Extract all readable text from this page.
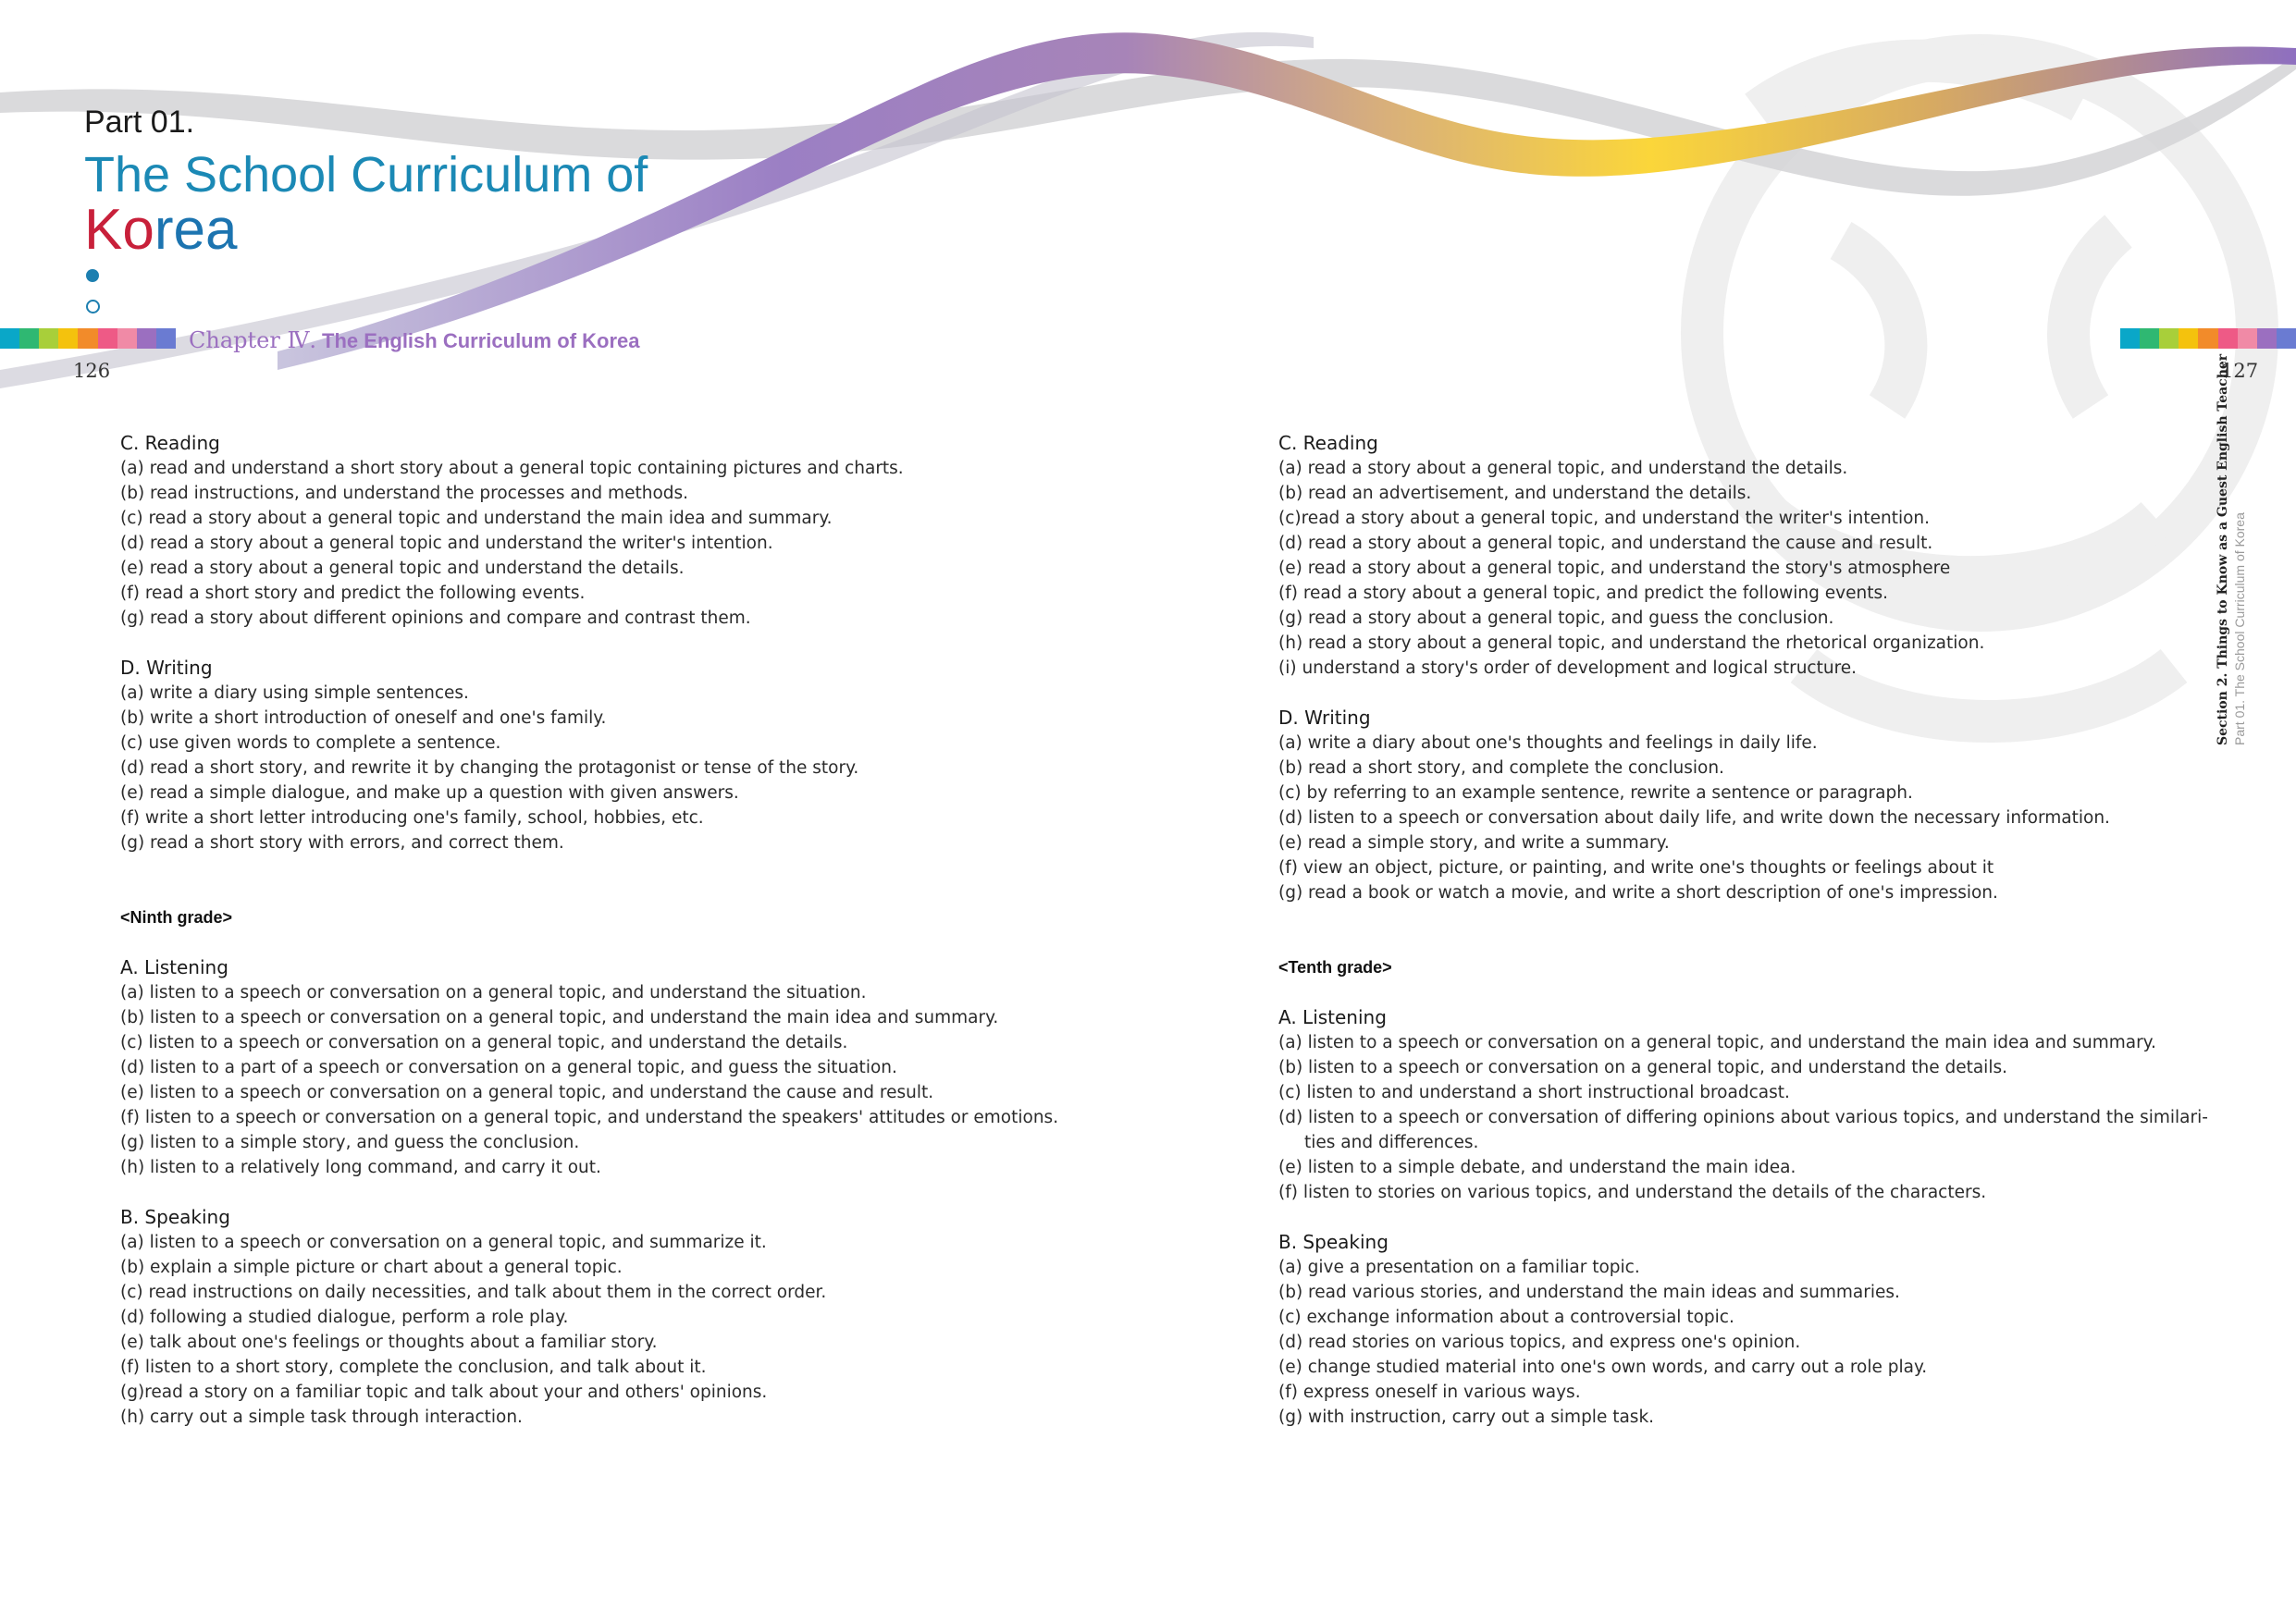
Part 01.
The School Curriculum of
Korea
Chapter Ⅳ. The English Curriculum of Korea
126	127
Section 2. Things to Know as a Guest English Teacher Part 01. The School Curriculum of Korea

C. Reading

(a) read and understand a short story about a general topic containing pictures and charts.

(b) read instructions, and understand the processes and methods.

(c) read a story about a general topic and understand the main idea and summary.

(d) read a story about a general topic and understand the writer's intention.

(e) read a story about a general topic and understand the details.

(f) read a short story and predict the following events.

(g) read a story about different opinions and compare and contrast them.

D. Writing

(a) write a diary using simple sentences.

(b) write a short introduction of oneself and one's family.

(c) use given words to complete a sentence.

(d) read a short story, and rewrite it by changing the protagonist or tense of the story.

(e) read a simple dialogue, and make up a question with given answers.

(f) write a short letter introducing one's family, school, hobbies, etc.

(g) read a short story with errors, and correct them.

<Ninth grade>

A. Listening

(a) listen to a speech or conversation on a general topic, and understand the situation.

(b) listen to a speech or conversation on a general topic, and understand the main idea and summary.

(c) listen to a speech or conversation on a general topic, and understand the details.

(d) listen to a part of a speech or conversation on a general topic, and guess the situation.

(e) listen to a speech or conversation on a general topic, and understand the cause and result.

(f) listen to a speech or conversation on a general topic, and understand the speakers' attitudes or emotions.

(g) listen to a simple story, and guess the conclusion.

(h) listen to a relatively long command, and carry it out.

B. Speaking

(a) listen to a speech or conversation on a general topic, and summarize it.

(b) explain a simple picture or chart about a general topic.

(c) read instructions on daily necessities, and talk about them in the correct order.

(d) following a studied dialogue, perform a role play.

(e) talk about one's feelings or thoughts about a familiar story.

(f) listen to a short story, complete the conclusion, and talk about it.

(g)read a story on a familiar topic and talk about your and others' opinions.

(h) carry out a simple task through interaction.

C. Reading

(a) read a story about a general topic, and understand the details.

(b) read an advertisement, and understand the details.

(c)read a story about a general topic, and understand the writer's intention.

(d) read a story about a general topic, and understand the cause and result.

(e) read a story about a general topic, and understand the story's atmosphere

(f) read a story about a general topic, and predict the following events.

(g) read a story about a general topic, and guess the conclusion.

(h) read a story about a general topic, and understand the rhetorical organization.

(i) understand a story's order of development and logical structure.

D. Writing

(a) write a diary about one's thoughts and feelings in daily life.

(b) read a short story, and complete the conclusion.

(c) by referring to an example sentence, rewrite a sentence or paragraph.

(d) listen to a speech or conversation about daily life, and write down the necessary information.

(e) read a simple story, and write a summary.

(f) view an object, picture, or painting, and write one's thoughts or feelings about it

(g) read a book or watch a movie, and write a short description of one's impression.

<Tenth grade>

A. Listening

(a) listen to a speech or conversation on a general topic, and understand the main idea and summary.

(b) listen to a speech or conversation on a general topic, and understand the details.

(c) listen to and understand a short instructional broadcast.

(d) listen to a speech or conversation of differing opinions about various topics, and understand the similari-

ties and differences.

(e) listen to a simple debate, and understand the main idea.

(f) listen to stories on various topics, and understand the details of the characters.

B. Speaking

(a) give a presentation on a familiar topic.

(b) read various stories, and understand the main ideas and summaries.

(c) exchange information about a controversial topic.

(d) read stories on various topics, and express one's opinion.

(e) change studied material into one's own words, and carry out a role play.

(f) express oneself in various ways.

(g) with instruction, carry out a simple task.
